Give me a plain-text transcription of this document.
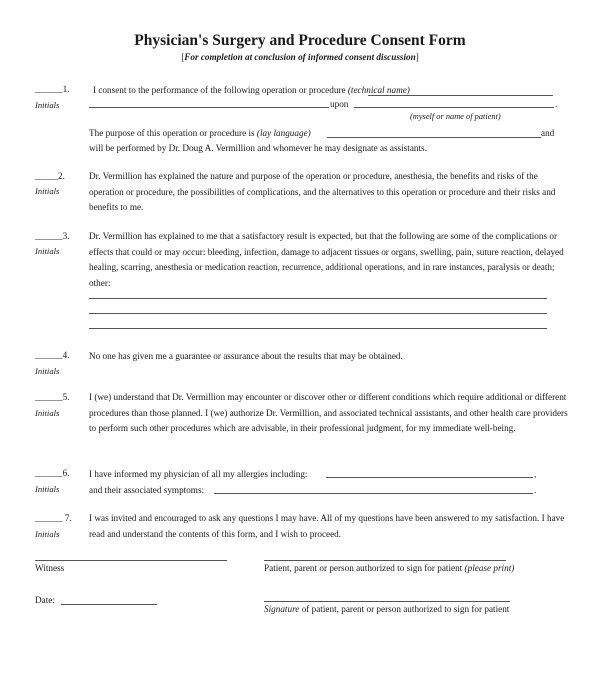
Physician's Surgery and Procedure Consent Form
[For completion at conclusion of informed consent discussion]
______1.
Initials
I consent to the performance of the following operation or procedure (technical name)
upon	.
(myself or name of patient)
The purpose of this operation or procedure is (lay language)	and
will be performed by Dr. Doug A. Vermillion and whomever he may designate as assistants.
_____2.
Initials
Dr. Vermillion has explained the nature and purpose of the operation or procedure, anesthesia, the benefits and risks of the operation or procedure, the possibilities of complications, and the alternatives to this operation or procedure and their risks and benefits to me.
______3.
Initials
Dr. Vermillion has explained to me that a satisfactory result is expected, but that the following are some of the complications or effects that could or may occur: bleeding, infection, damage to adjacent tissues or organs, swelling, pain, suture reaction, delayed healing, scarring, anesthesia or medication reaction, recurrence, additional operations, and in rare instances, paralysis or death; other:
______4.
Initials
No one has given me a guarantee or assurance about the results that may be obtained.
______5.
Initials
I (we) understand that Dr. Vermillion may encounter or discover other or different conditions which require additional or different procedures than those planned. I (we) authorize Dr. Vermillion, and associated technical assistants, and other health care providers to perform such other procedures which are advisable, in their professional judgment, for my immediate well-being.
______6.
Initials
I have informed my physician of all my allergies including:	,
and their associated symptoms:	.
______ 7.
Initials
I was invited and encouraged to ask any questions I may have. All of my questions have been answered to my satisfaction. I have read and understand the contents of this form, and I wish to proceed.
Witness	Patient, parent or person authorized to sign for patient (please print)
Date:
Signature of patient, parent or person authorized to sign for patient
